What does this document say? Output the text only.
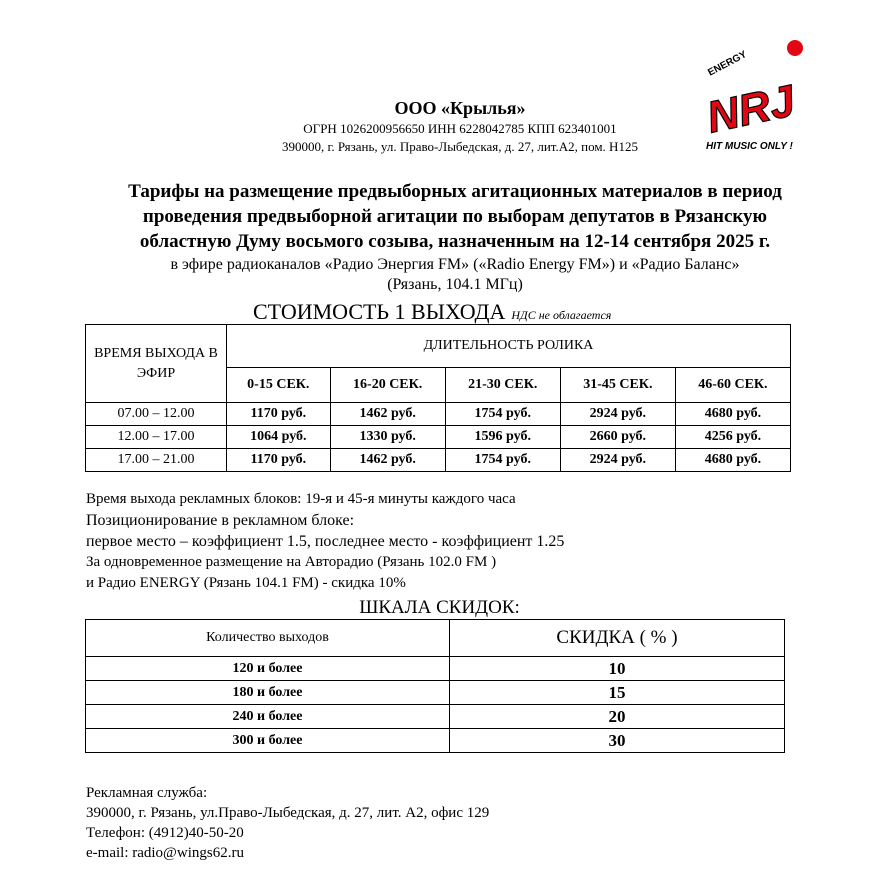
ООО «Крылья»
ОГРН 1026200956650 ИНН 6228042785 КПП 623401001
390000, г. Рязань, ул. Право-Лыбедская, д. 27, лит.А2, пом. Н125
ENERGY
NRJ
HIT MUSIC ONLY !
Тарифы на размещение предвыборных агитационных материалов в период
проведения предвыборной агитации по выборам депутатов в Рязанскую
областную Думу восьмого созыва, назначенным на 12-14 сентября 2025 г.
в эфире радиоканалов «Радио Энергия FM» («Radio Energy FM») и «Радио Баланс»
(Рязань, 104.1 МГц)
СТОИМОСТЬ 1 ВЫХОДА НДС не облагается
ВРЕМЯ ВЫХОДА В ЭФИР	ДЛИТЕЛЬНОСТЬ РОЛИКА				
	0-15 СЕК.	16-20 СЕК.	21-30 СЕК.	31-45 СЕК.	46-60 СЕК.
07.00 – 12.00	1170 руб.	1462 руб.	1754 руб.	2924 руб.	4680 руб.
12.00 – 17.00	1064 руб.	1330 руб.	1596 руб.	2660 руб.	4256 руб.
17.00 – 21.00	1170 руб.	1462 руб.	1754 руб.	2924 руб.	4680 руб.
Время выхода рекламных блоков: 19-я и 45-я минуты каждого часа
Позиционирование в рекламном блоке:
первое место – коэффициент 1.5, последнее место - коэффициент 1.25
За одновременное размещение на Авторадио (Рязань 102.0 FM )
и Радио ENERGY (Рязань 104.1 FM) - скидка 10%
ШКАЛА СКИДОК:
Количество выходов	СКИДКА ( % )
120 и более	10
180 и более	15
240 и более	20
300 и более	30
Рекламная служба:
390000, г. Рязань, ул.Право-Лыбедская, д. 27, лит. А2, офис 129
Телефон: (4912)40-50-20
e-mail: radio@wings62.ru
